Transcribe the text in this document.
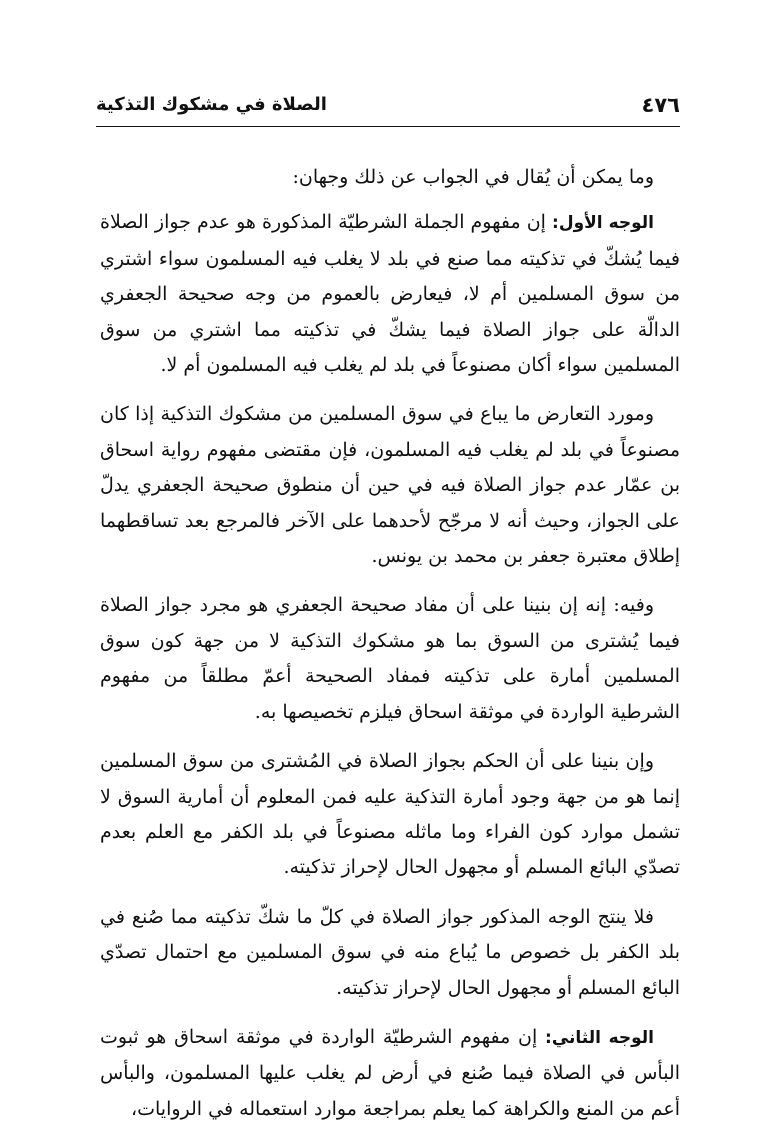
٤٧٦
الصلاة في مشكوك التذكية

وما يمكن أن يُقال في الجواب عن ذلك وجهان:

الوجه الأول: إن مفهوم الجملة الشرطيّة المذكورة هو عدم جواز الصلاة فيما يُشكّ في تذكيته مما صنع في بلد لا يغلب فيه المسلمون سواء اشتري من سوق المسلمين أم لا، فيعارض بالعموم من وجه صحيحة الجعفري الدالّة على جواز الصلاة فيما يشكّ في تذكيته مما اشتري من سوق المسلمين سواء أكان مصنوعاً في بلد لم يغلب فيه المسلمون أم لا.

ومورد التعارض ما يباع في سوق المسلمين من مشكوك التذكية إذا كان مصنوعاً في بلد لم يغلب فيه المسلمون، فإن مقتضى مفهوم رواية اسحاق بن عمّار عدم جواز الصلاة فيه في حين أن منطوق صحيحة الجعفري يدلّ على الجواز، وحيث أنه لا مرجّح لأحدهما على الآخر فالمرجع بعد تساقطهما إطلاق معتبرة جعفر بن محمد بن يونس.

وفيه: إنه إن بنينا على أن مفاد صحيحة الجعفري هو مجرد جواز الصلاة فيما يُشترى من السوق بما هو مشكوك التذكية لا من جهة كون سوق المسلمين أمارة على تذكيته فمفاد الصحيحة أعمّ مطلقاً من مفهوم الشرطية الواردة في موثقة اسحاق فيلزم تخصيصها به.

وإن بنينا على أن الحكم بجواز الصلاة في المُشترى من سوق المسلمين إنما هو من جهة وجود أمارة التذكية عليه فمن المعلوم أن أمارية السوق لا تشمل موارد كون الفراء وما ماثله مصنوعاً في بلد الكفر مع العلم بعدم تصدّي البائع المسلم أو مجهول الحال لإحراز تذكيته.

فلا ينتج الوجه المذكور جواز الصلاة في كلّ ما شكّ تذكيته مما صُنع في بلد الكفر بل خصوص ما يُباع منه في سوق المسلمين مع احتمال تصدّي البائع المسلم أو مجهول الحال لإحراز تذكيته.

الوجه الثاني: إن مفهوم الشرطيّة الواردة في موثقة اسحاق هو ثبوت البأس في الصلاة فيما صُنع في أرض لم يغلب عليها المسلمون، والبأس أعم من المنع والكراهة كما يعلم بمراجعة موارد استعماله في الروايات،
